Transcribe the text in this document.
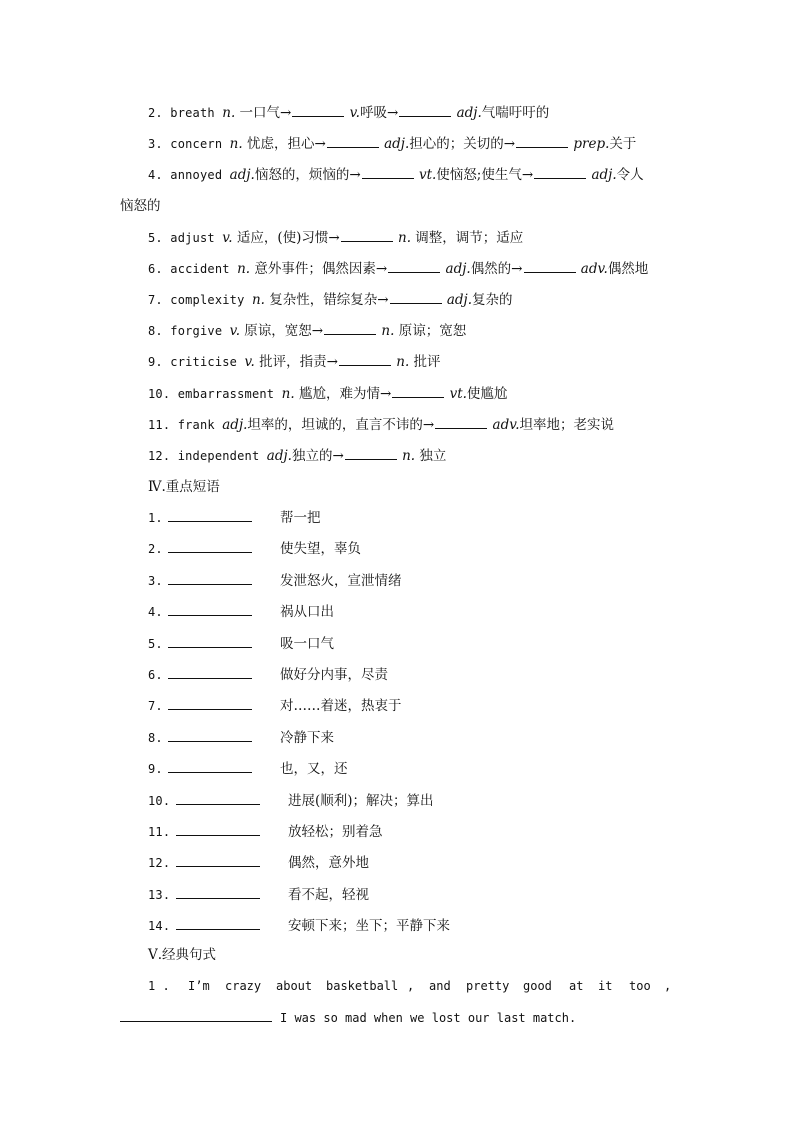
2. breath n. 一口气→	v.呼吸→	adj.气喘吁吁的
3. concern n. 忧虑，担心→	adj.担心的；关切的→	prep.关于
4. annoyed adj.恼怒的，烦恼的→	vt.使恼怒;使生气→	adj.令人
恼怒的
5. adjust v. 适应，(使)习惯→	n. 调整，调节；适应
6. accident n. 意外事件；偶然因素→	adj.偶然的→	adv.偶然地
7. complexity n. 复杂性，错综复杂→	adj.复杂的
8. forgive v. 原谅，宽恕→	n. 原谅；宽恕
9. criticise v. 批评，指责→	n. 批评
10. embarrassment n. 尴尬，难为情→	vt.使尴尬
11. frank adj.坦率的，坦诚的，直言不讳的→	adv.坦率地；老实说
12. independent adj.独立的→	n. 独立
Ⅳ.重点短语
1.	帮一把
2.	使失望，辜负
3.	发泄怒火，宣泄情绪
4.	祸从口出
5.	吸一口气
6.	做好分内事，尽责
7.	对……着迷，热衷于
8.	冷静下来
9.	也，又，还
10.	进展(顺利)；解决；算出
11.	放轻松；别着急
12.	偶然，意外地
13.	看不起，轻视
14.	安顿下来；坐下；平静下来
Ⅴ.经典句式
1 . I’m crazy about basketball , and pretty good at it too ,
I was so mad when we lost our last match.
